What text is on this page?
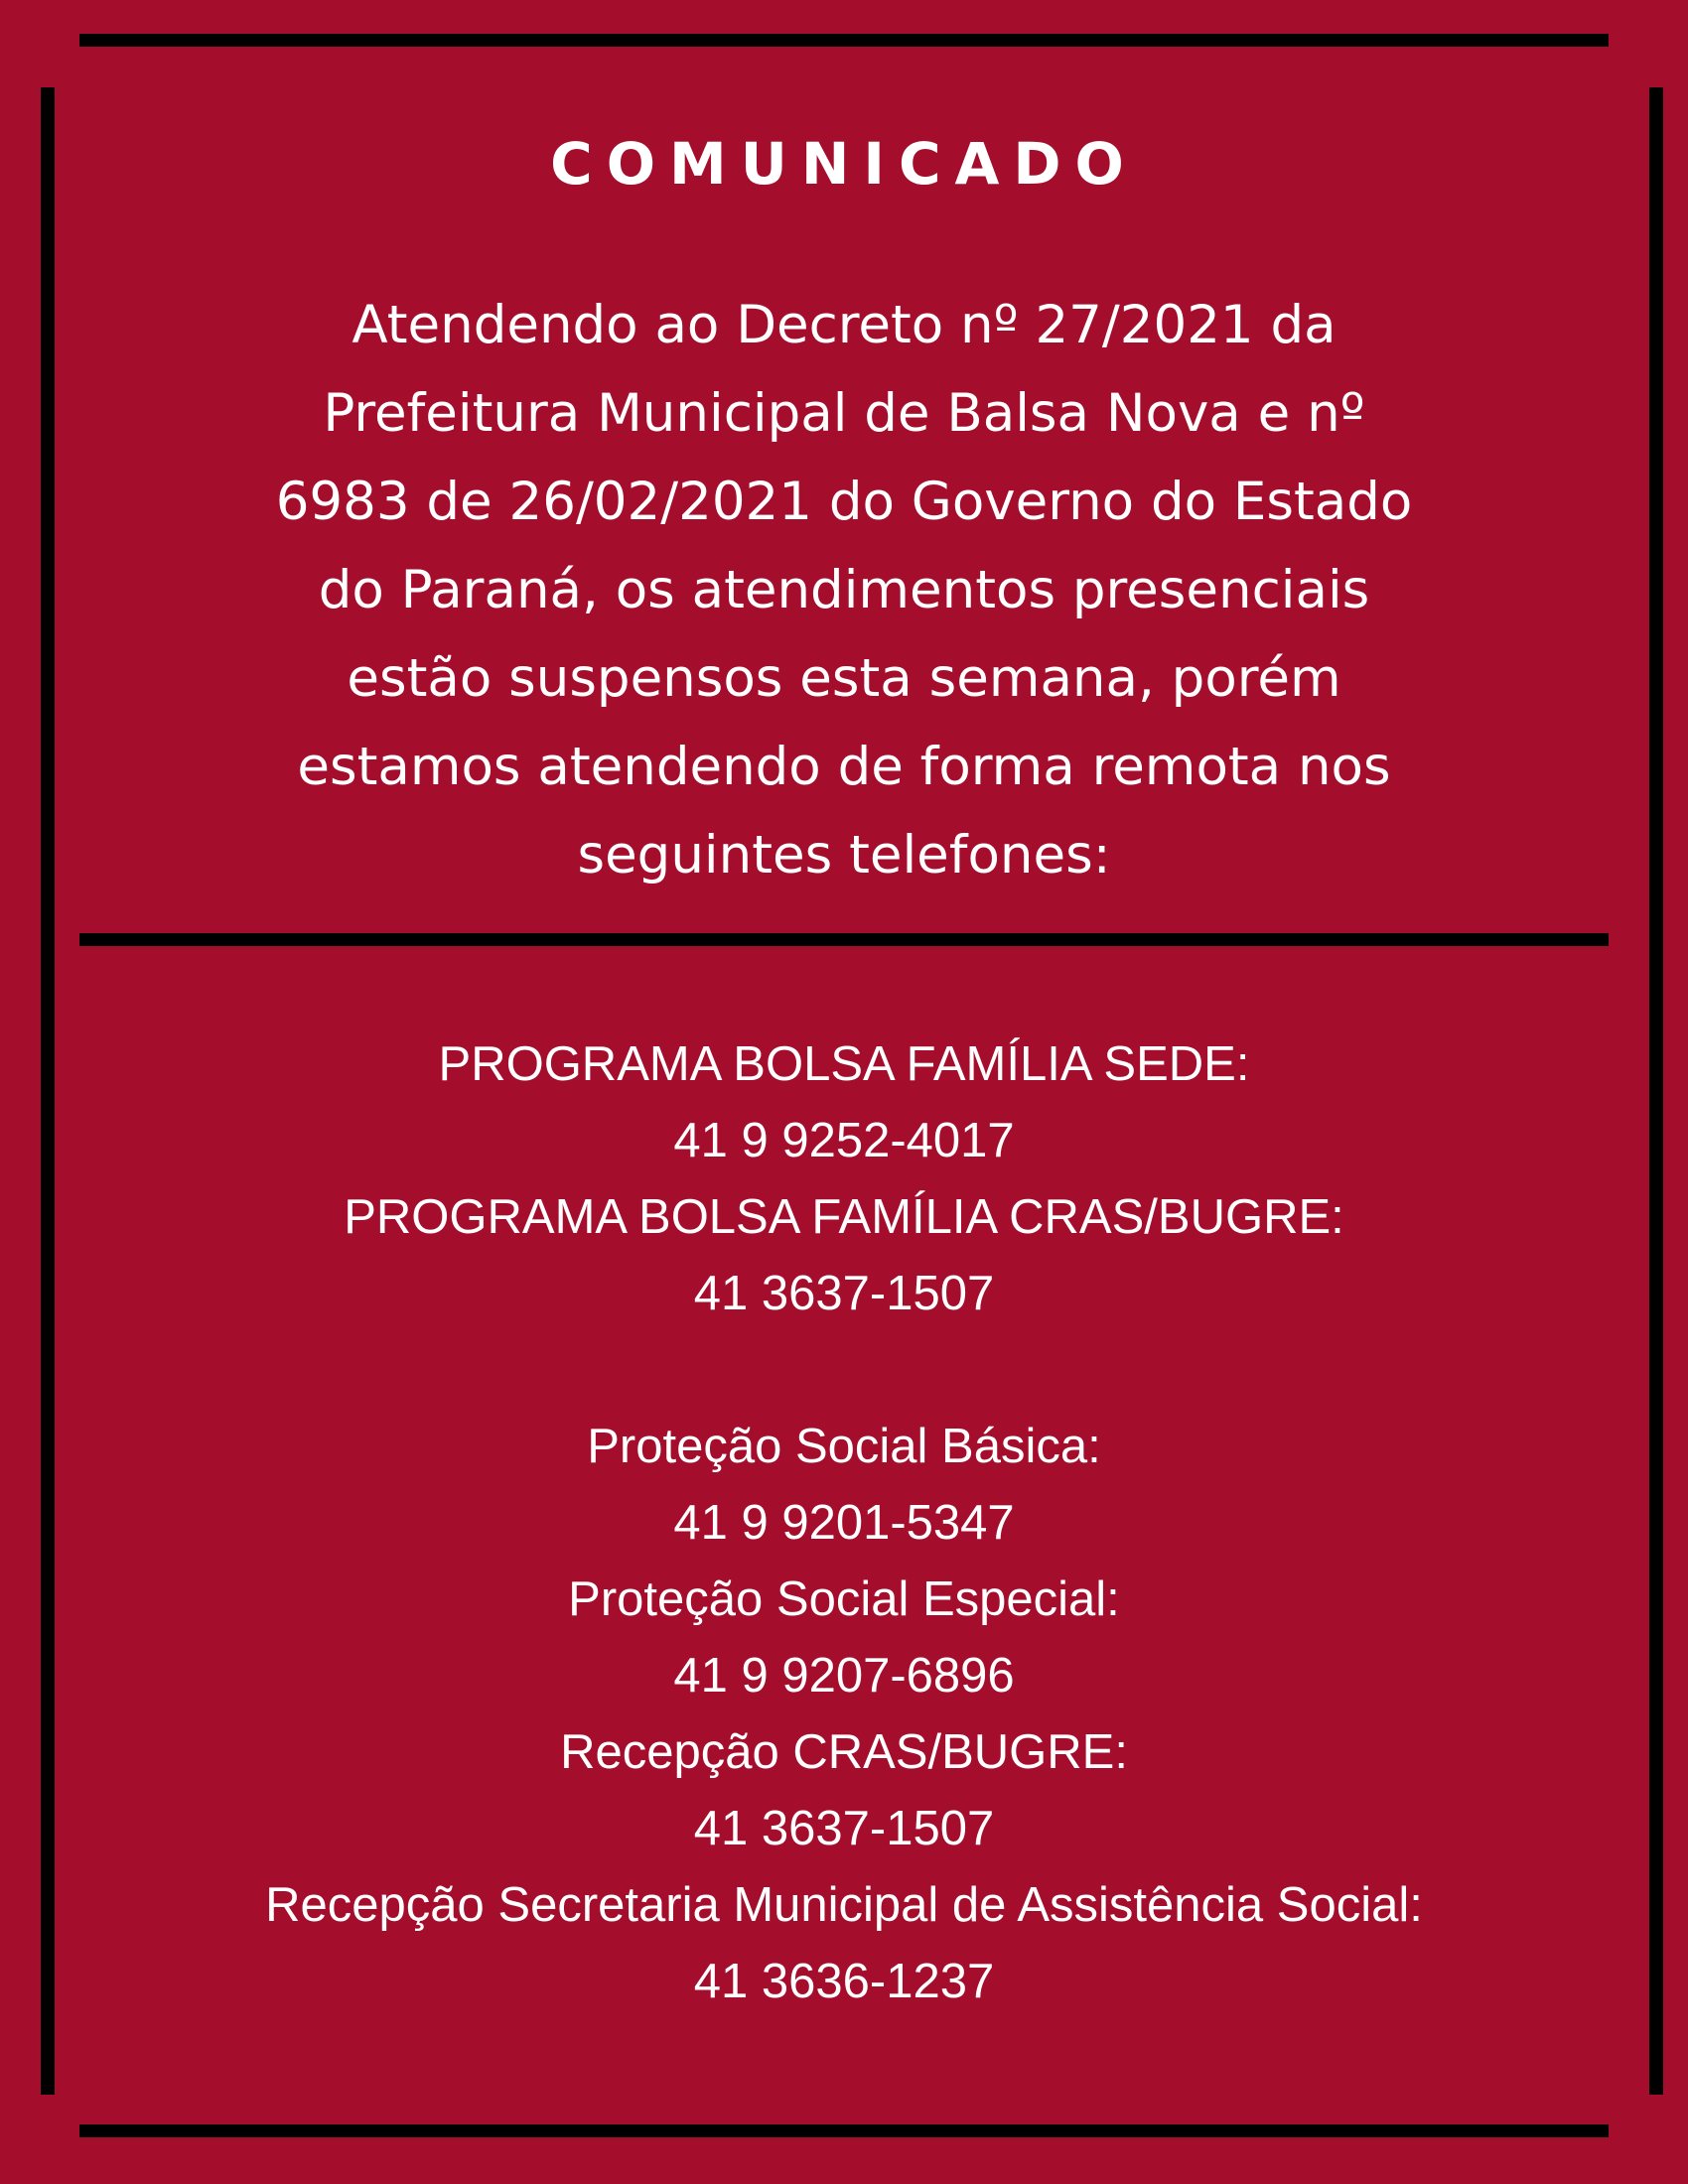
COMUNICADO
Atendendo ao Decreto nº 27/2021 da
Prefeitura Municipal de Balsa Nova e nº
6983 de 26/02/2021 do Governo do Estado
do Paraná, os atendimentos presenciais
estão suspensos esta semana, porém
estamos atendendo de forma remota nos
seguintes telefones:
PROGRAMA BOLSA FAMÍLIA SEDE:
41 9 9252-4017
PROGRAMA BOLSA FAMÍLIA CRAS/BUGRE:
41 3637-1507
Proteção Social Básica:
41 9 9201-5347
Proteção Social Especial:
41 9 9207-6896
Recepção CRAS/BUGRE:
41 3637-1507
Recepção Secretaria Municipal de Assistência Social:
41 3636-1237
